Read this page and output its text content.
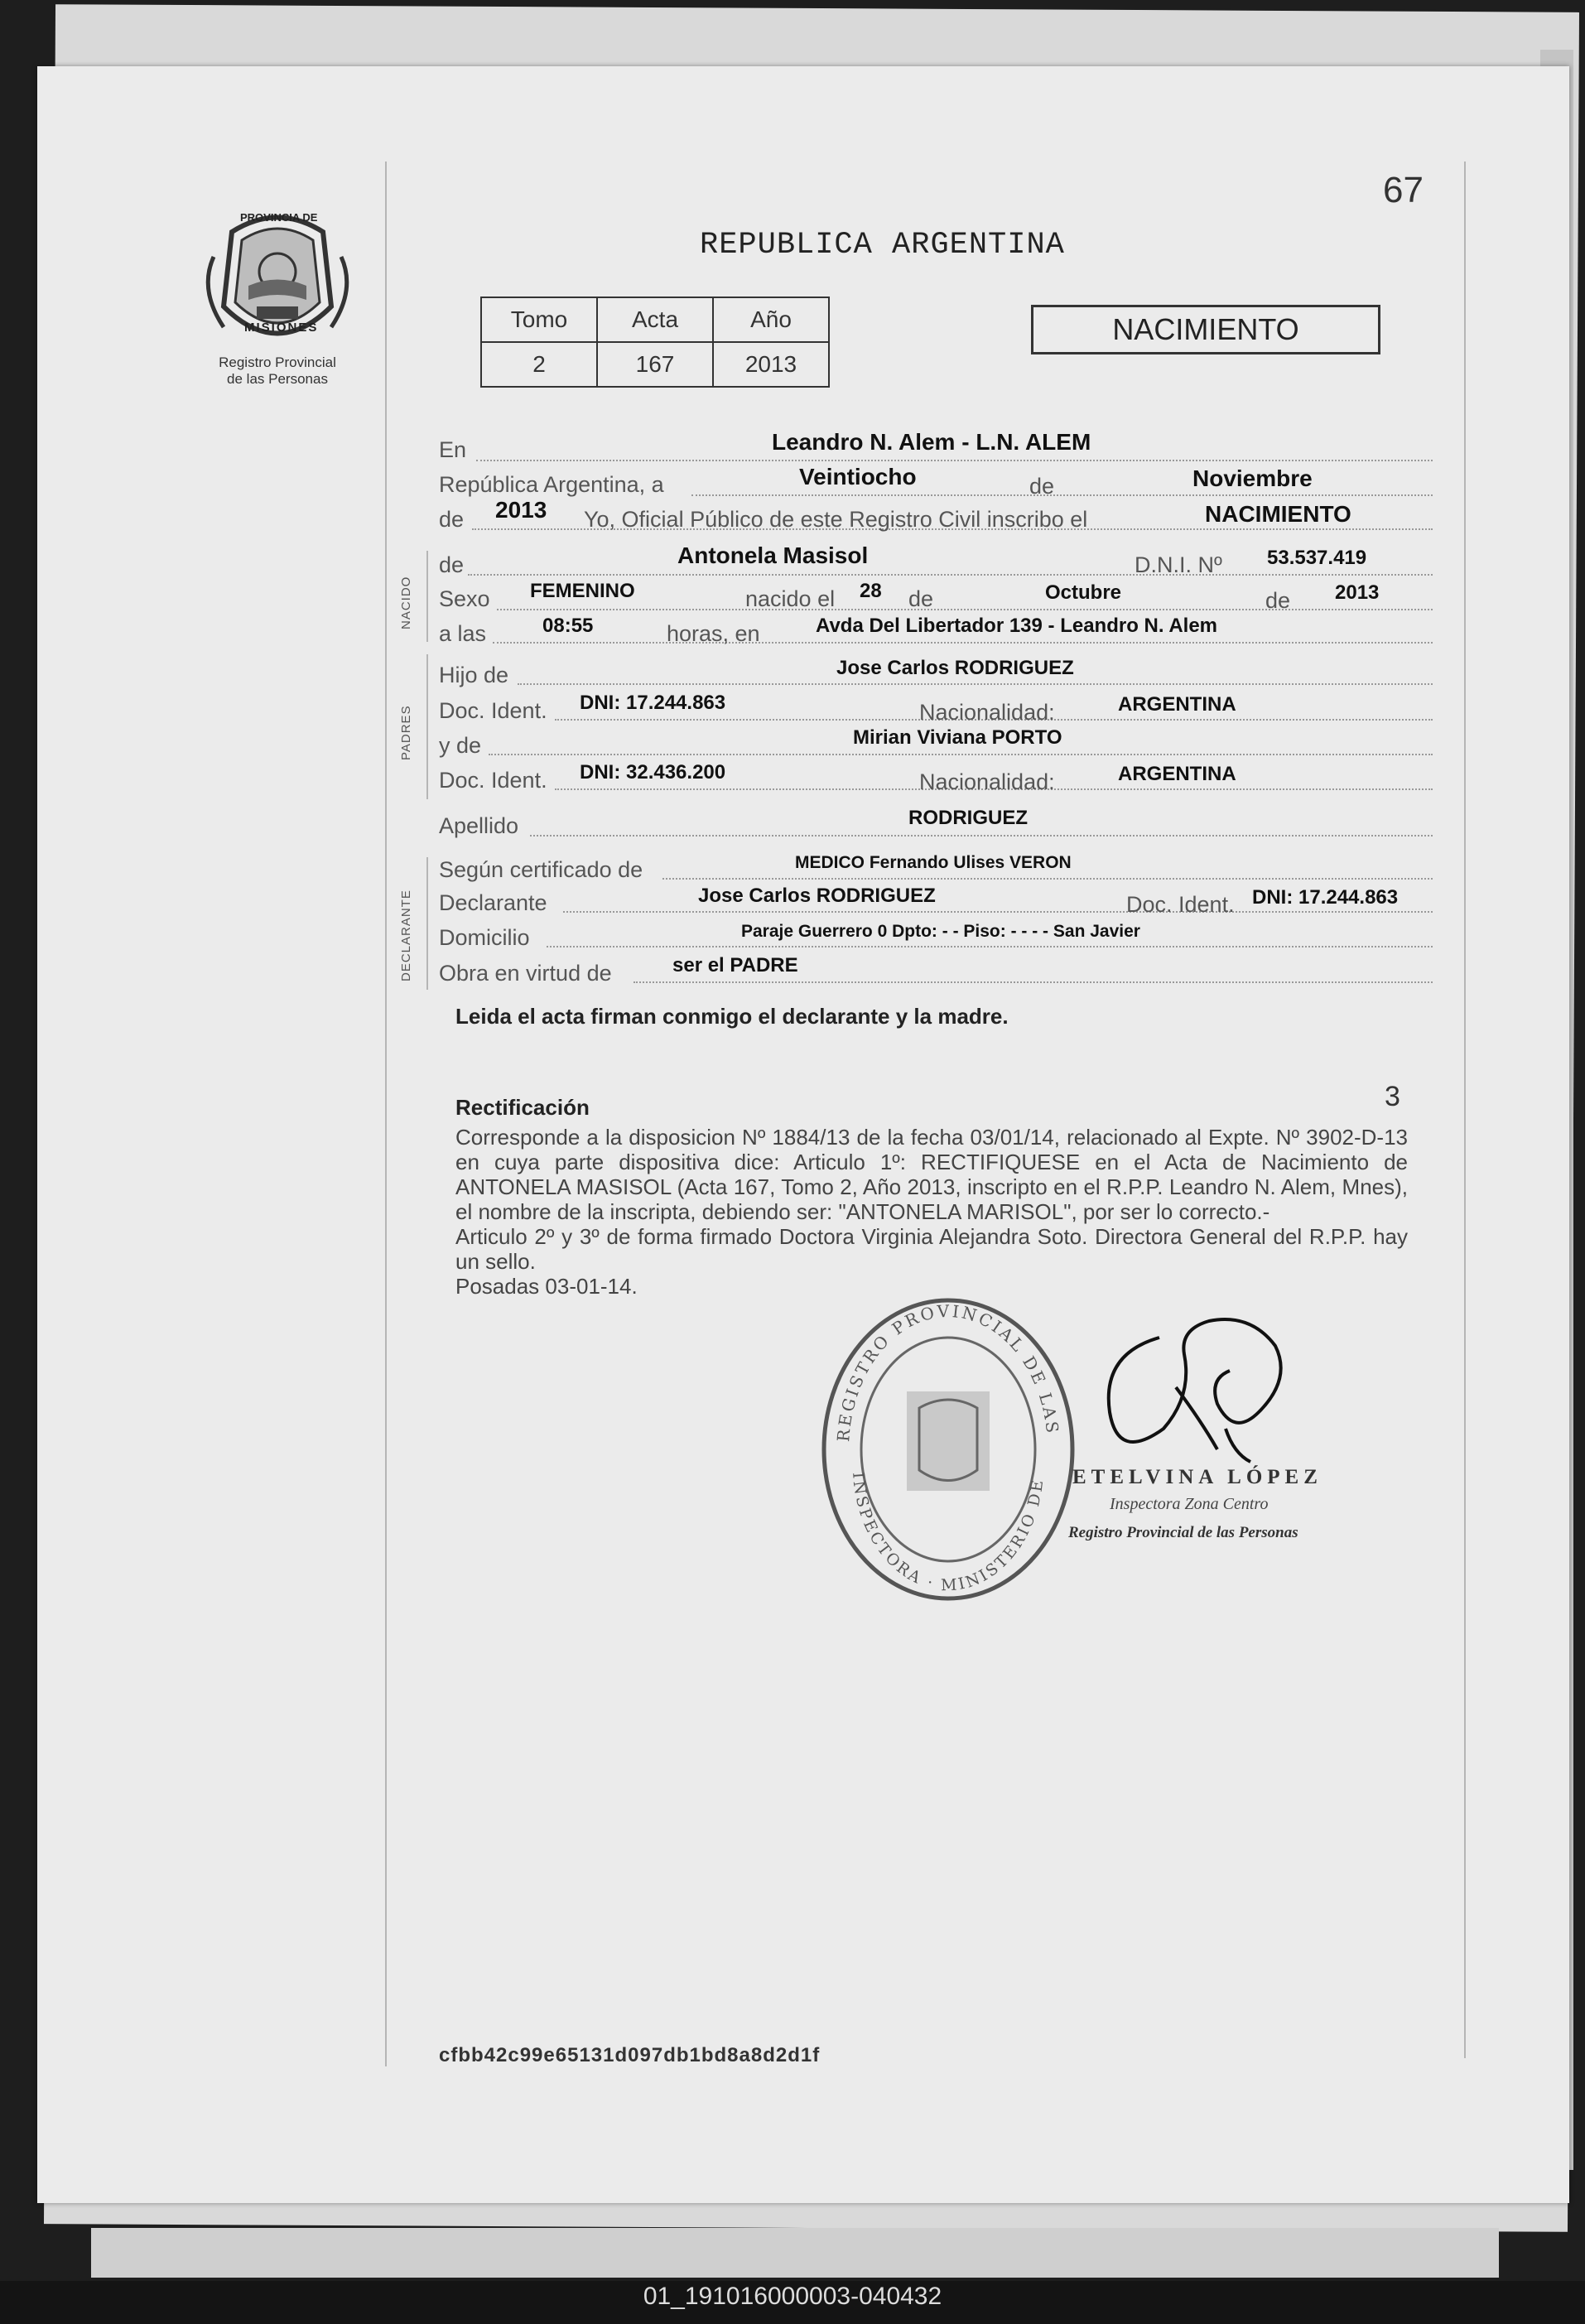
67
REPUBLICA ARGENTINA
PROVINCIA DE
MISIONES
Registro Provincial
de las Personas
Tomo	Acta	Año
2	167	2013
NACIMIENTO
NACIDO
PADRES
DECLARANTE
En	Leandro N. Alem - L.N. ALEM
República Argentina, a	Veintiocho	de	Noviembre
de 2013 Yo, Oficial Público de este Registro Civil inscribo el	NACIMIENTO
de	Antonela Masisol	D.N.I. Nº 53.537.419
Sexo FEMENINO	nacido el 28 de	Octubre	de 2013
a las	08:55	horas, en	Avda Del Libertador 139 - Leandro N. Alem
Hijo de	Jose Carlos RODRIGUEZ
Doc. Ident. DNI: 17.244.863	Nacionalidad:	ARGENTINA
y de	Mirian Viviana PORTO
Doc. Ident. DNI: 32.436.200	Nacionalidad:	ARGENTINA
Apellido	RODRIGUEZ
Según certificado de	MEDICO Fernando Ulises VERON
Declarante	Jose Carlos RODRIGUEZ	Doc. Ident. DNI: 17.244.863
Domicilio	Paraje Guerrero 0 Dpto: - - Piso: - - - - San Javier
Obra en virtud de	ser el PADRE
Leida el acta firman conmigo el declarante y la madre.
Rectificación	3

Corresponde a la disposicion Nº 1884/13 de la fecha 03/01/14, relacionado al Expte. Nº 3902-D-13 en cuya parte dispositiva dice: Articulo 1º: RECTIFIQUESE en el Acta de Nacimiento de ANTONELA MASISOL (Acta 167, Tomo 2, Año 2013, inscripto en el R.P.P. Leandro N. Alem, Mnes), el nombre de la inscripta, debiendo ser: "ANTONELA MARISOL", por ser lo correcto.-

Articulo 2º y 3º de forma firmado Doctora Virginia Alejandra Soto. Directora General del R.P.P. hay un sello.

Posadas 03-01-14.

REGISTRO PROVINCIAL DE LAS
INSPECTORA · MINISTERIO DE ETELVINA LÓPEZ
Inspectora Zona Centro
Registro Provincial de las Personas
cfbb42c99e65131d097db1bd8a8d2d1f
01_191016000003-040432
